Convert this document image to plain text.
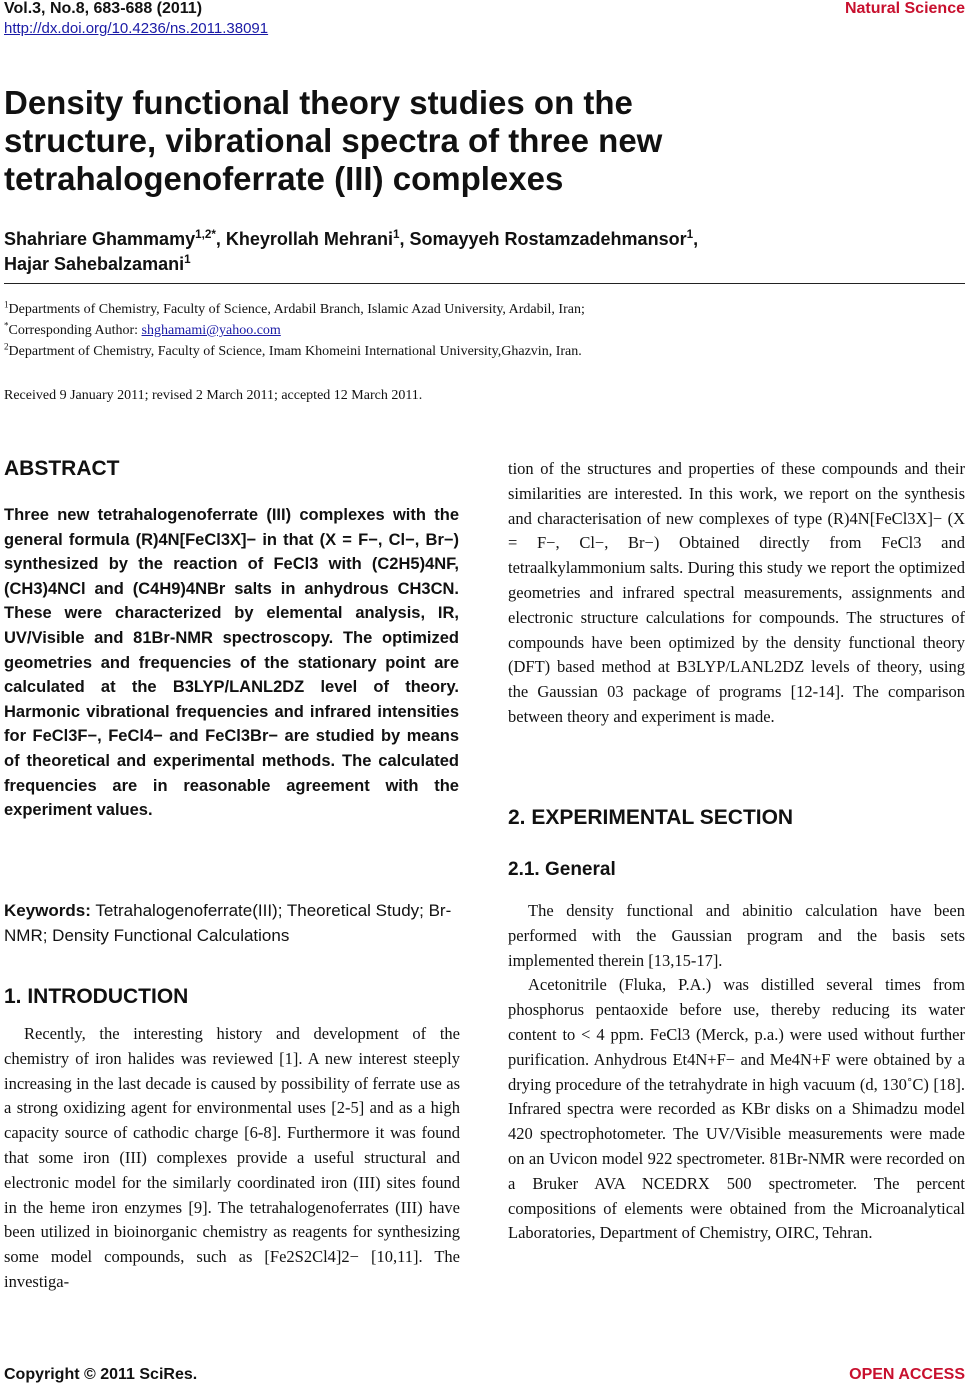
Vol.3, No.8, 683-688 (2011)
http://dx.doi.org/10.4236/ns.2011.38091
Natural Science
Density functional theory studies on the
structure, vibrational spectra of three new
tetrahalogenoferrate (III) complexes
Shahriare Ghammamy$^{1,2*}$, Kheyrollah Mehrani$^1$, Somayyeh Rostamzadehmansor$^1$,
Hajar Sahebalzamani$^1$
$^1$Departments of Chemistry, Faculty of Science, Ardabil Branch, Islamic Azad University, Ardabil, Iran;
*Corresponding Author: shghamami@yahoo.com
$^2$Department of Chemistry, Faculty of Science, Imam Khomeini International University,Ghazvin, Iran.
Received 9 January 2011; revised 2 March 2011; accepted 12 March 2011.
ABSTRACT

Three new tetrahalogenoferrate (III) complexes with the general formula (R)4N[FeCl3X]− in that (X = F−, Cl−, Br−) synthesized by the reaction of FeCl3 with (C2H5)4NF, (CH3)4NCl and (C4H9)4NBr salts in anhydrous CH3CN. These were characterized by elemental analysis, IR, UV/Visible and 81Br-NMR spectroscopy. The optimized geometries and frequencies of the stationary point are calculated at the B3LYP/LANL2DZ level of theory. Harmonic vibrational frequencies and infrared intensities for FeCl3F−, FeCl4− and FeCl3Br− are studied by means of theoretical and experimental methods. The calculated frequencies are in reasonable agreement with the experiment values.

Keywords: Tetrahalogenoferrate(III); Theoretical Study; Br-NMR; Density Functional Calculations
1. INTRODUCTION

Recently, the interesting history and development of the chemistry of iron halides was reviewed [1]. A new interest steeply increasing in the last decade is caused by possibility of ferrate use as a strong oxidizing agent for environmental uses [2-5] and as a high capacity source of cathodic charge [6-8]. Furthermore it was found that some iron (III) complexes provide a useful structural and electronic model for the similarly coordinated iron (III) sites found in the heme iron enzymes [9]. The tetrahalogenoferrates (III) have been utilized in bioinorganic chemistry as reagents for synthesizing some model compounds, such as [Fe2S2Cl4]2− [10,11]. The investiga-

tion of the structures and properties of these compounds and their similarities are interested. In this work, we report on the synthesis and characterisation of new complexes of type (R)4N[FeCl3X]− (X = F−, Cl−, Br−) Obtained directly from FeCl3 and tetraalkylammonium salts. During this study we report the optimized geometries and infrared spectral measurements, assignments and electronic structure calculations for compounds. The structures of compounds have been optimized by the density functional theory (DFT) based method at B3LYP/LANL2DZ levels of theory, using the Gaussian 03 package of programs [12-14]. The comparison between theory and experiment is made.

2. EXPERIMENTAL SECTION
2.1. General

The density functional and abinitio calculation have been performed with the Gaussian program and the basis sets implemented therein [13,15-17].

Acetonitrile (Fluka, P.A.) was distilled several times from phosphorus pentaoxide before use, thereby reducing its water content to < 4 ppm. FeCl3 (Merck, p.a.) were used without further purification. Anhydrous Et4N+F− and Me4N+F were obtained by a drying procedure of the tetrahydrate in high vacuum (d, 130˚C) [18]. Infrared spectra were recorded as KBr disks on a Shimadzu model 420 spectrophotometer. The UV/Visible measurements were made on an Uvicon model 922 spectrometer. 81Br-NMR were recorded on a Bruker AVA NCEDRX 500 spectrometer. The percent compositions of elements were obtained from the Microanalytical Laboratories, Department of Chemistry, OIRC, Tehran.

Copyright © 2011 SciRes.	OPEN ACCESS
